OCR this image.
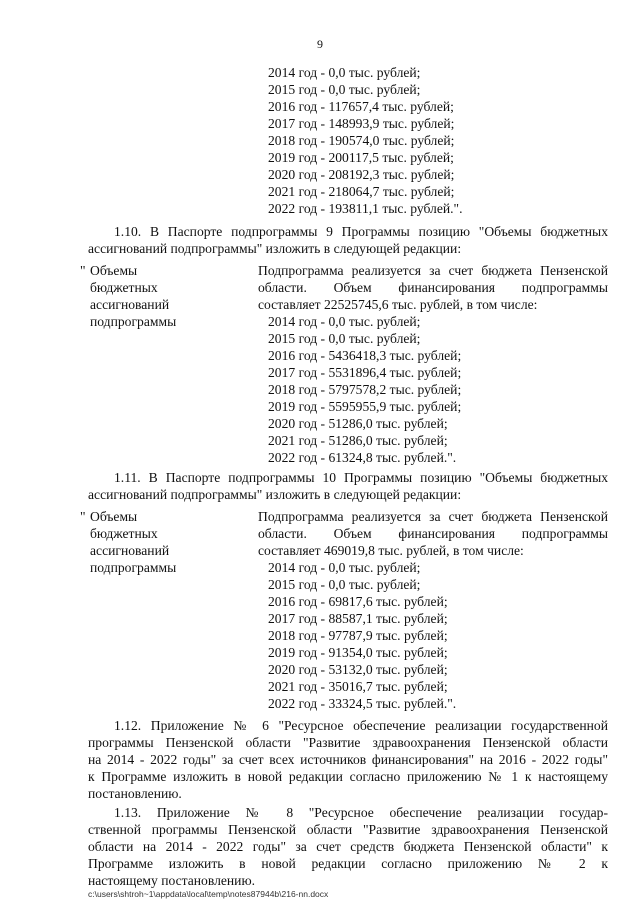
9
2014 год - 0,0 тыс. рублей;
2015 год - 0,0 тыс. рублей;
2016 год - 117657,4 тыс. рублей;
2017 год - 148993,9 тыс. рублей;
2018 год - 190574,0 тыс. рублей;
2019 год - 200117,5 тыс. рублей;
2020 год - 208192,3 тыс. рублей;
2021 год - 218064,7 тыс. рублей;
2022 год - 193811,1 тыс. рублей.".
1.10. В Паспорте подпрограммы 9 Программы позицию "Объемы бюджетных
ассигнований подпрограммы" изложить в следующей редакции:
" Объемы
бюджетных
ассигнований
подпрограммы
Подпрограмма реализуется за счет бюджета Пензенской
области. Объем финансирования подпрограммы
составляет 22525745,6 тыс. рублей, в том числе:
2014 год - 0,0 тыс. рублей;
2015 год - 0,0 тыс. рублей;
2016 год - 5436418,3 тыс. рублей;
2017 год - 5531896,4 тыс. рублей;
2018 год - 5797578,2 тыс. рублей;
2019 год - 5595955,9 тыс. рублей;
2020 год - 51286,0 тыс. рублей;
2021 год - 51286,0 тыс. рублей;
2022 год - 61324,8 тыс. рублей.".
1.11. В Паспорте подпрограммы 10 Программы позицию "Объемы бюджетных
ассигнований подпрограммы" изложить в следующей редакции:
" Объемы
бюджетных
ассигнований
подпрограммы
Подпрограмма реализуется за счет бюджета Пензенской
области. Объем финансирования подпрограммы
составляет 469019,8 тыс. рублей, в том числе:
2014 год - 0,0 тыс. рублей;
2015 год - 0,0 тыс. рублей;
2016 год - 69817,6 тыс. рублей;
2017 год - 88587,1 тыс. рублей;
2018 год - 97787,9 тыс. рублей;
2019 год - 91354,0 тыс. рублей;
2020 год - 53132,0 тыс. рублей;
2021 год - 35016,7 тыс. рублей;
2022 год - 33324,5 тыс. рублей.".
1.12. Приложение № 6 "Ресурсное обеспечение реализации государственной
программы Пензенской области "Развитие здравоохранения Пензенской области
на 2014 - 2022 годы" за счет всех источников финансирования" на 2016 - 2022 годы"
к Программе изложить в новой редакции согласно приложению № 1 к настоящему
постановлению.
1.13. Приложение № 8 "Ресурсное обеспечение реализации государ-
ственной программы Пензенской области "Развитие здравоохранения Пензенской
области на 2014 - 2022 годы" за счет средств бюджета Пензенской области" к
Программе изложить в новой редакции согласно приложению № 2 к
настоящему постановлению.
c:\users\shtroh~1\appdata\local\temp\notes87944b\216-nn.docx
